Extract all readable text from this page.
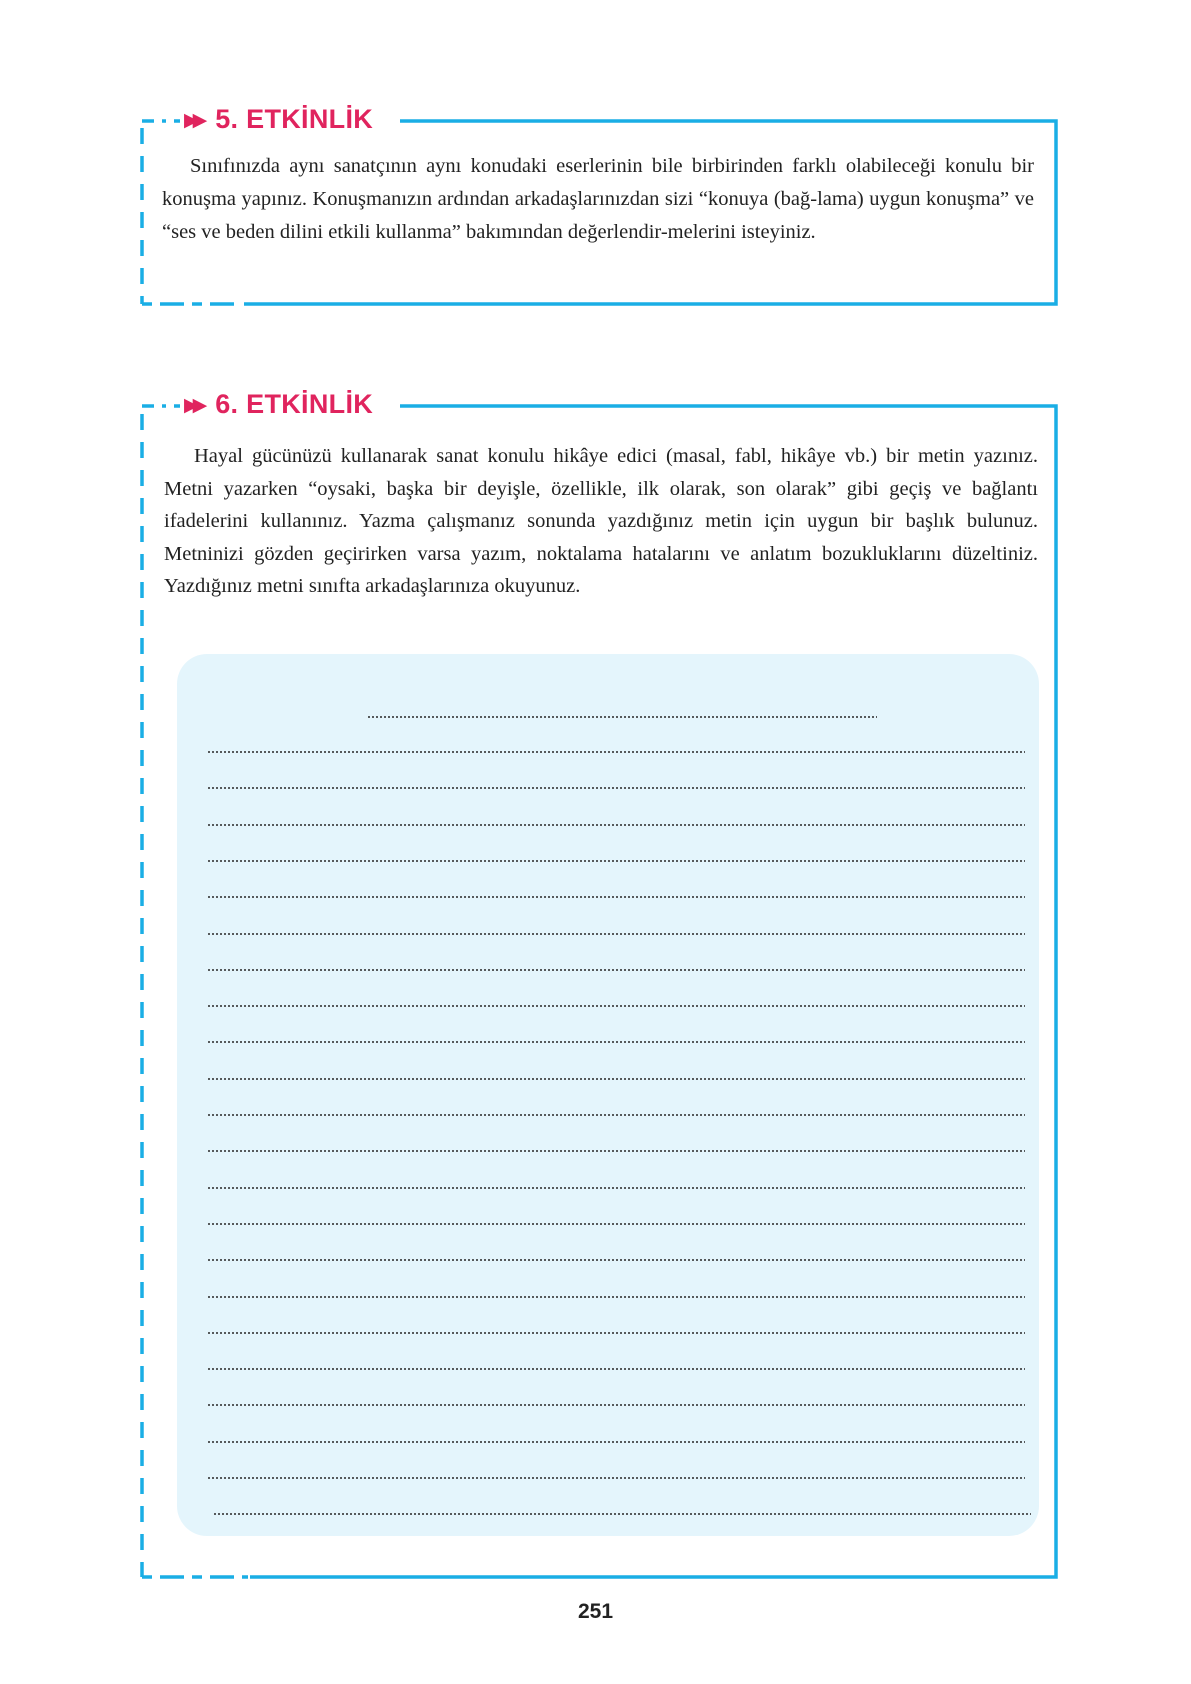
▶▶ 5. ETKİNLİK
Sınıfınızda aynı sanatçının aynı konudaki eserlerinin bile birbirinden farklı olabileceği konulu bir konuşma yapınız. Konuşmanızın ardından arkadaşlarınızdan sizi “konuya (bağ-lama) uygun konuşma” ve “ses ve beden dilini etkili kullanma” bakımından değerlendir-melerini isteyiniz.
▶▶ 6. ETKİNLİK
Hayal gücünüzü kullanarak sanat konulu hikâye edici (masal, fabl, hikâye vb.) bir metin yazınız. Metni yazarken “oysaki, başka bir deyişle, özellikle, ilk olarak, son olarak” gibi geçiş ve bağlantı ifadelerini kullanınız. Yazma çalışmanız sonunda yazdığınız metin için uygun bir başlık bulunuz. Metninizi gözden geçirirken varsa yazım, noktalama hatalarını ve anlatım bozukluklarını düzeltiniz. Yazdığınız metni sınıfta arkadaşlarınıza okuyunuz.
251
